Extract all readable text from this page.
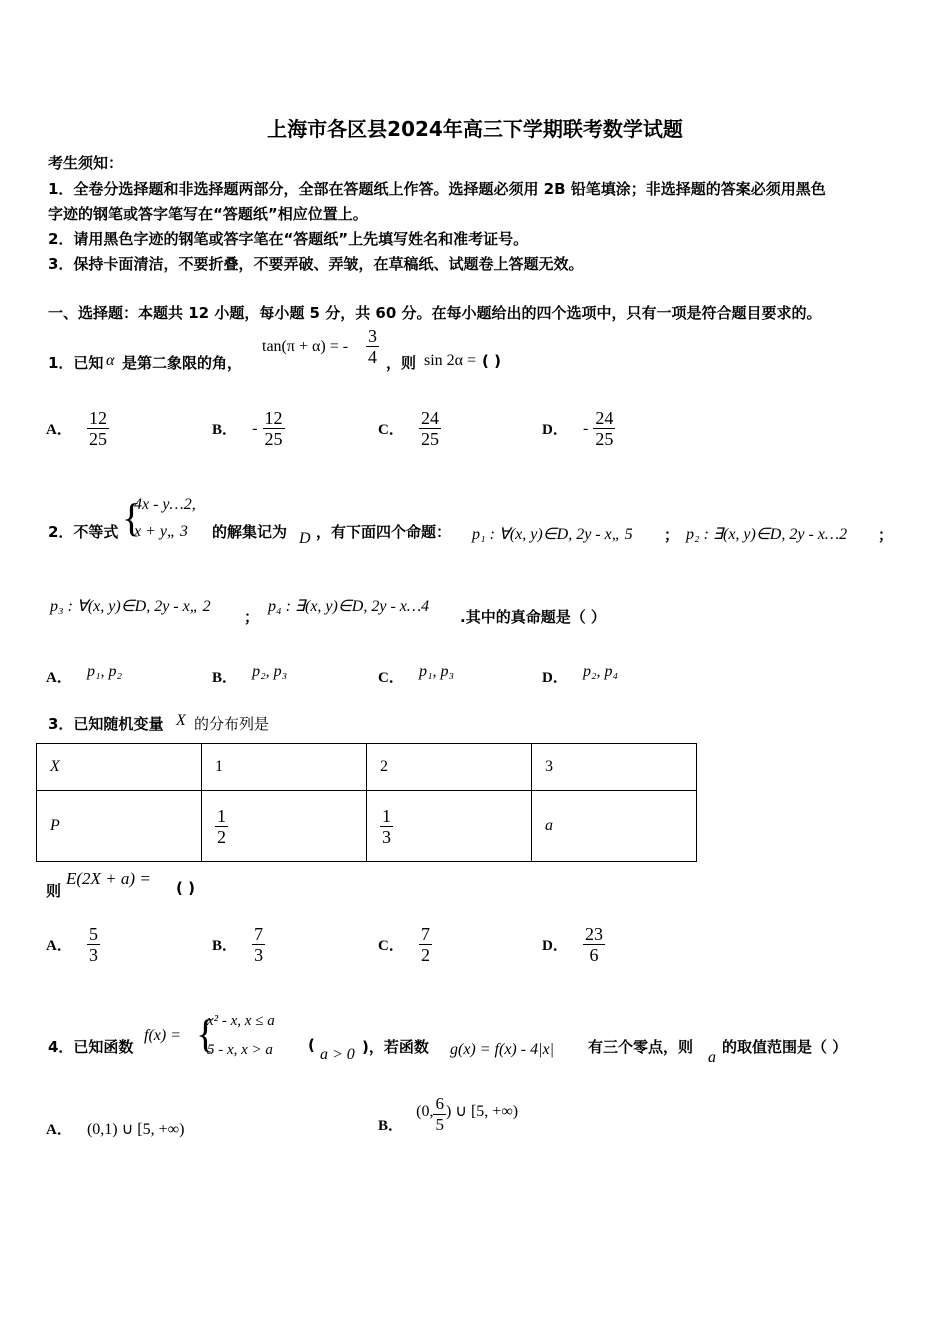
上海市各区县2024年高三下学期联考数学试题
考生须知：
1．全卷分选择题和非选择题两部分，全部在答题纸上作答。选择题必须用 2B 铅笔填涂；非选择题的答案必须用黑色
字迹的钢笔或答字笔写在“答题纸”相应位置上。
2．请用黑色字迹的钢笔或答字笔在“答题纸”上先填写姓名和准考证号。
3．保持卡面清洁，不要折叠，不要弄破、弄皱，在草稿纸、试题卷上答题无效。
一、选择题：本题共 12 小题，每小题 5 分，共 60 分。在每小题给出的四个选项中，只有一项是符合题目要求的。
1．已知 α 是第二象限的角，
tan(π + α) = - $\frac{3}{4}$ ，则 sin 2α = ( )
A． $\frac{12}{25}$	B． - $\frac{12}{25}$	C． $\frac{24}{25}$	D． - $\frac{24}{25}$
2．不等式 {
4x - y…2,
x + y„ 3 的解集记为 D ，有下面四个命题： p₁ : ∀(x, y)∈D, 2y - x„ 5 ； p₂ : ∃(x, y)∈D, 2y - x…2 ；
p₃ : ∀(x, y)∈D, 2y - x„ 2
；
p₄ : ∃(x, y)∈D, 2y - x…4
.其中的真命题是（ ）
A． p₁, p₂	B． p₂, p₃	C． p₁, p₃	D． p₂, p₄
3．已知随机变量 X 的分布列是
X	1	2	3
P	$\frac{1}{2}$	$\frac{1}{3}$	a
则
E(2X + a) = ( )
A． $\frac{5}{3}$	B． $\frac{7}{3}$	C． $\frac{7}{2}$	D． $\frac{23}{6}$
4．已知函数
f(x) = {
x² - x, x ≤ a
5 - x, x > a (
a > 0 )，若函数 g(x) = f(x) - 4|x| 有三个零点，则
a
的取值范围是（ ）
A． (0,1) ∪ [5, +∞)	B． (0, $\frac{6}{5}$ ) ∪ [5, +∞)
